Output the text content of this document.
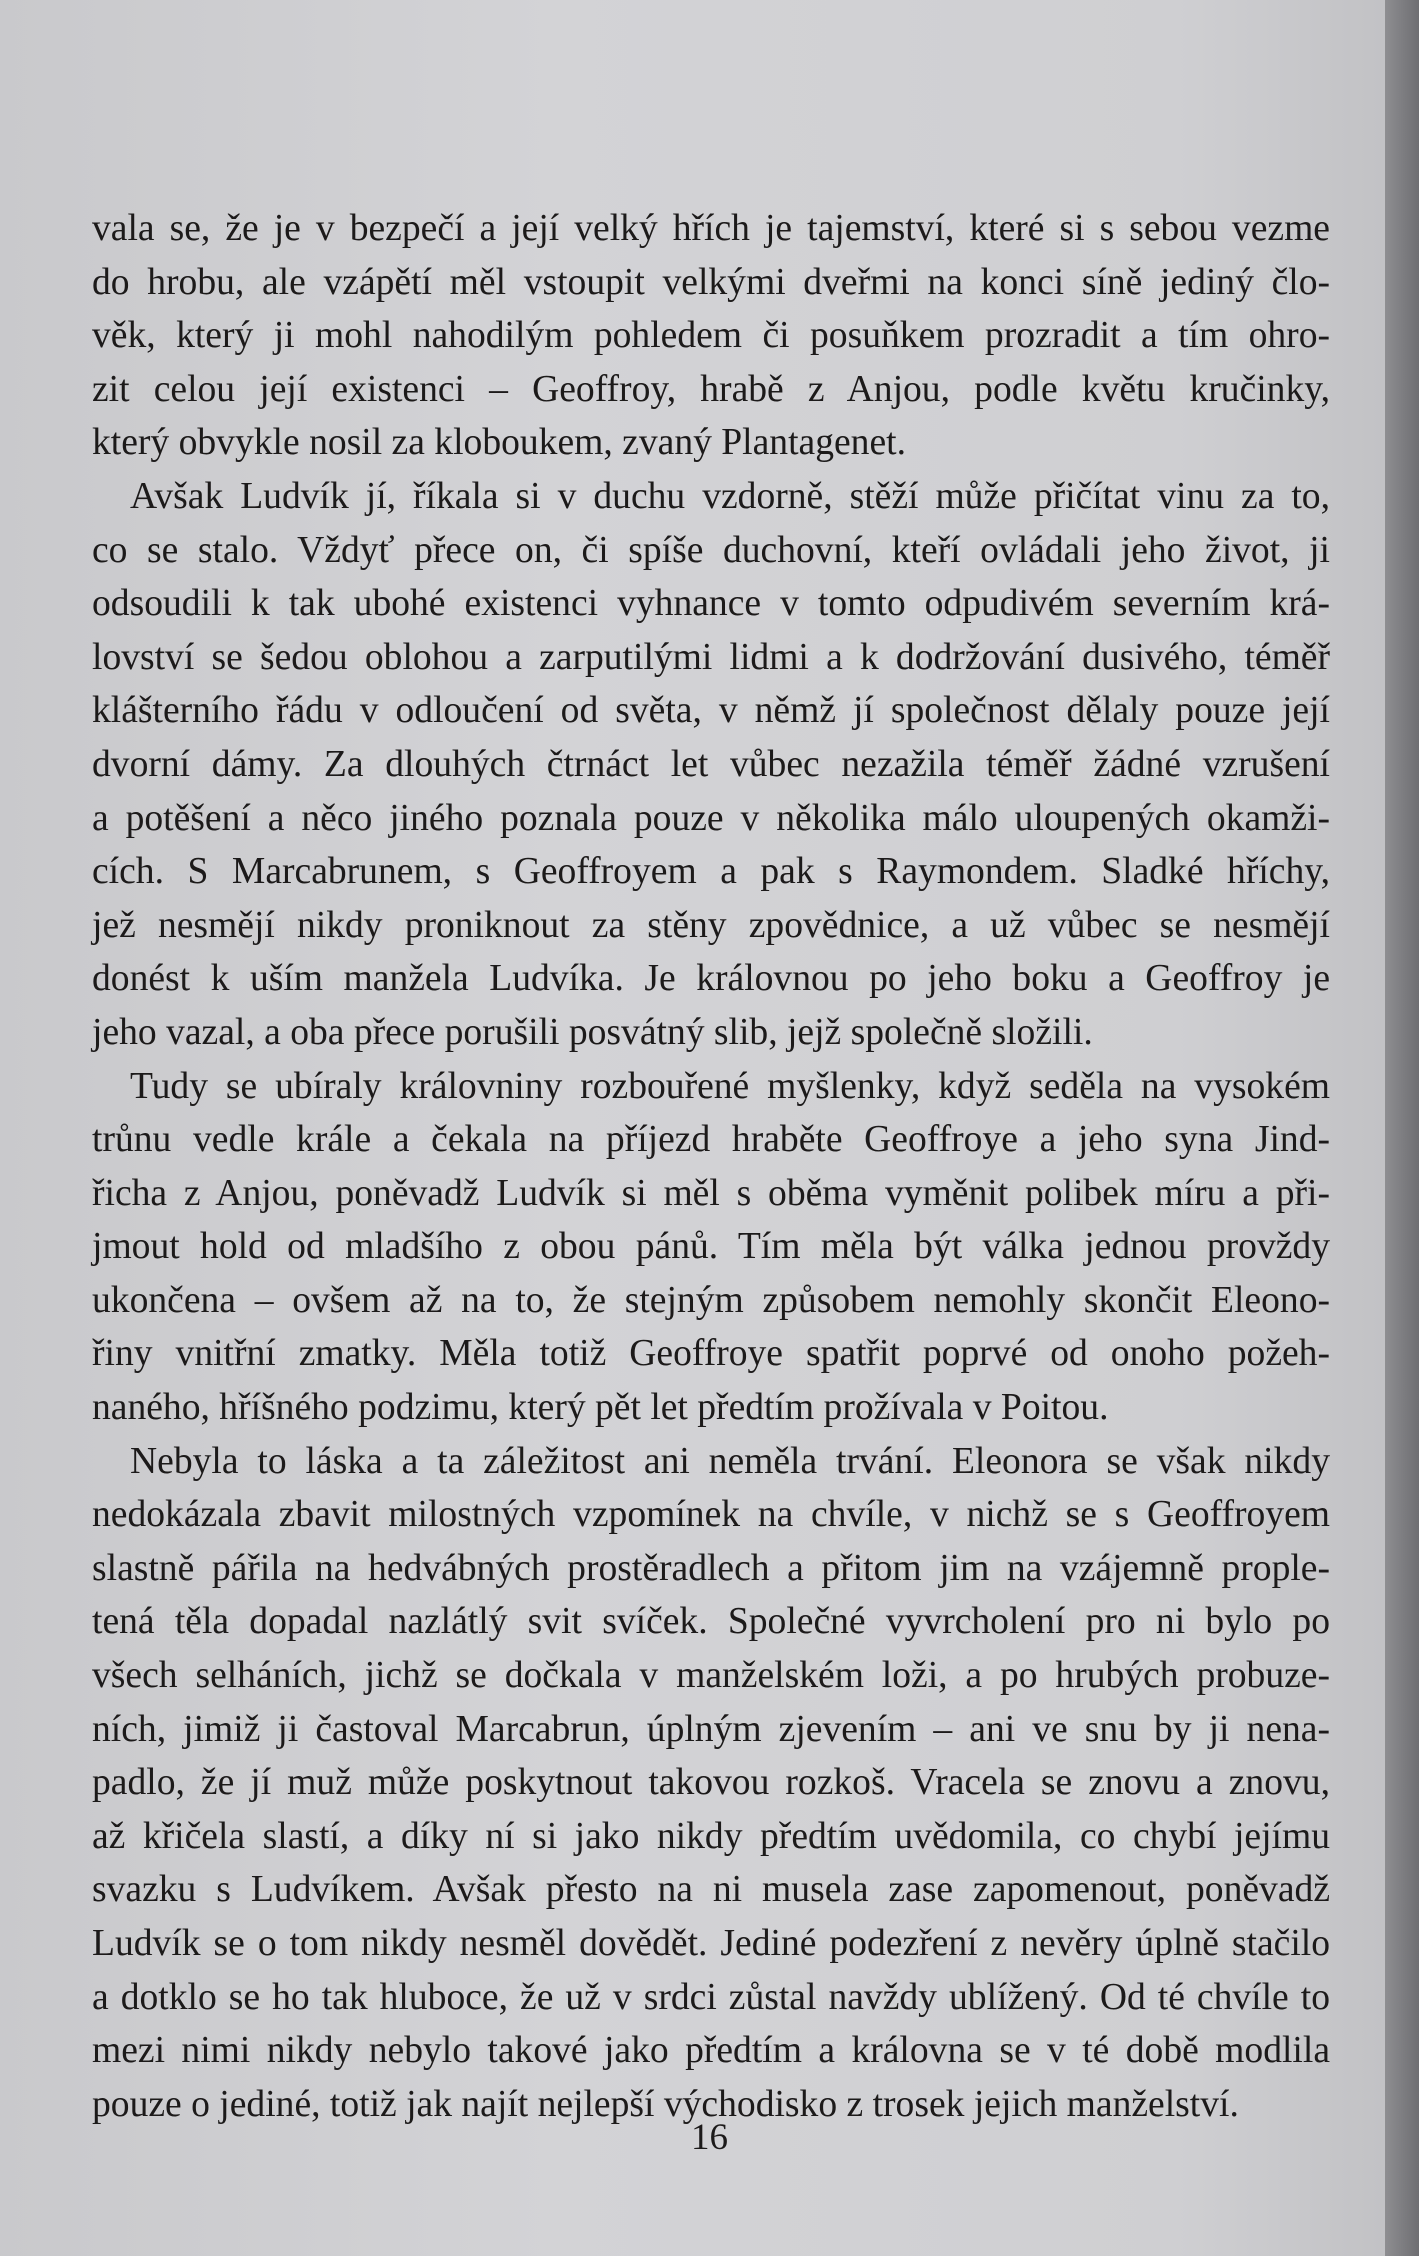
vala se, že je v bezpečí a její velký hřích je tajemství, které si s sebou vezme
do hrobu, ale vzápětí měl vstoupit velkými dveřmi na konci síně jediný člo-
věk, který ji mohl nahodilým pohledem či posuňkem prozradit a tím ohro-
zit celou její existenci – Geoffroy, hrabě z Anjou, podle květu kručinky,
který obvykle nosil za kloboukem, zvaný Plantagenet.

Avšak Ludvík jí, říkala si v duchu vzdorně, stěží může přičítat vinu za to,
co se stalo. Vždyť přece on, či spíše duchovní, kteří ovládali jeho život, ji
odsoudili k tak ubohé existenci vyhnance v tomto odpudivém severním krá-
lovství se šedou oblohou a zarputilými lidmi a k dodržování dusivého, téměř
klášterního řádu v odloučení od světa, v němž jí společnost dělaly pouze její
dvorní dámy. Za dlouhých čtrnáct let vůbec nezažila téměř žádné vzrušení
a potěšení a něco jiného poznala pouze v několika málo uloupených okamži-
cích. S Marcabrunem, s Geoffroyem a pak s Raymondem. Sladké hříchy,
jež nesmějí nikdy proniknout za stěny zpovědnice, a už vůbec se nesmějí
donést k uším manžela Ludvíka. Je královnou po jeho boku a Geoffroy je
jeho vazal, a oba přece porušili posvátný slib, jejž společně složili.

Tudy se ubíraly královniny rozbouřené myšlenky, když seděla na vysokém
trůnu vedle krále a čekala na příjezd hraběte Geoffroye a jeho syna Jind-
řicha z Anjou, poněvadž Ludvík si měl s oběma vyměnit polibek míru a při-
jmout hold od mladšího z obou pánů. Tím měla být válka jednou provždy
ukončena – ovšem až na to, že stejným způsobem nemohly skončit Eleono-
řiny vnitřní zmatky. Měla totiž Geoffroye spatřit poprvé od onoho požeh-
naného, hříšného podzimu, který pět let předtím prožívala v Poitou.

Nebyla to láska a ta záležitost ani neměla trvání. Eleonora se však nikdy
nedokázala zbavit milostných vzpomínek na chvíle, v nichž se s Geoffroyem
slastně pářila na hedvábných prostěradlech a přitom jim na vzájemně proplе-
tená těla dopadal nazlátlý svit svíček. Společné vyvrcholení pro ni bylo po
všech selháních, jichž se dočkala v manželském loži, a po hrubých probuze-
ních, jimiž ji častoval Marcabrun, úplným zjevením – ani ve snu by ji nena-
padlo, že jí muž může poskytnout takovou rozkoš. Vracela se znovu a znovu,
až křičela slastí, a díky ní si jako nikdy předtím uvědomila, co chybí jejímu
svazku s Ludvíkem. Avšak přesto na ni musela zase zapomenout, poněvadž
Ludvík se o tom nikdy nesměl dovědět. Jediné podezření z nevěry úplně stačilo
a dotklo se ho tak hluboce, že už v srdci zůstal navždy ublížený. Od té chvíle to
mezi nimi nikdy nebylo takové jako předtím a královna se v té době modlila
pouze o jediné, totiž jak najít nejlepší východisko z trosek jejich manželství.

16
